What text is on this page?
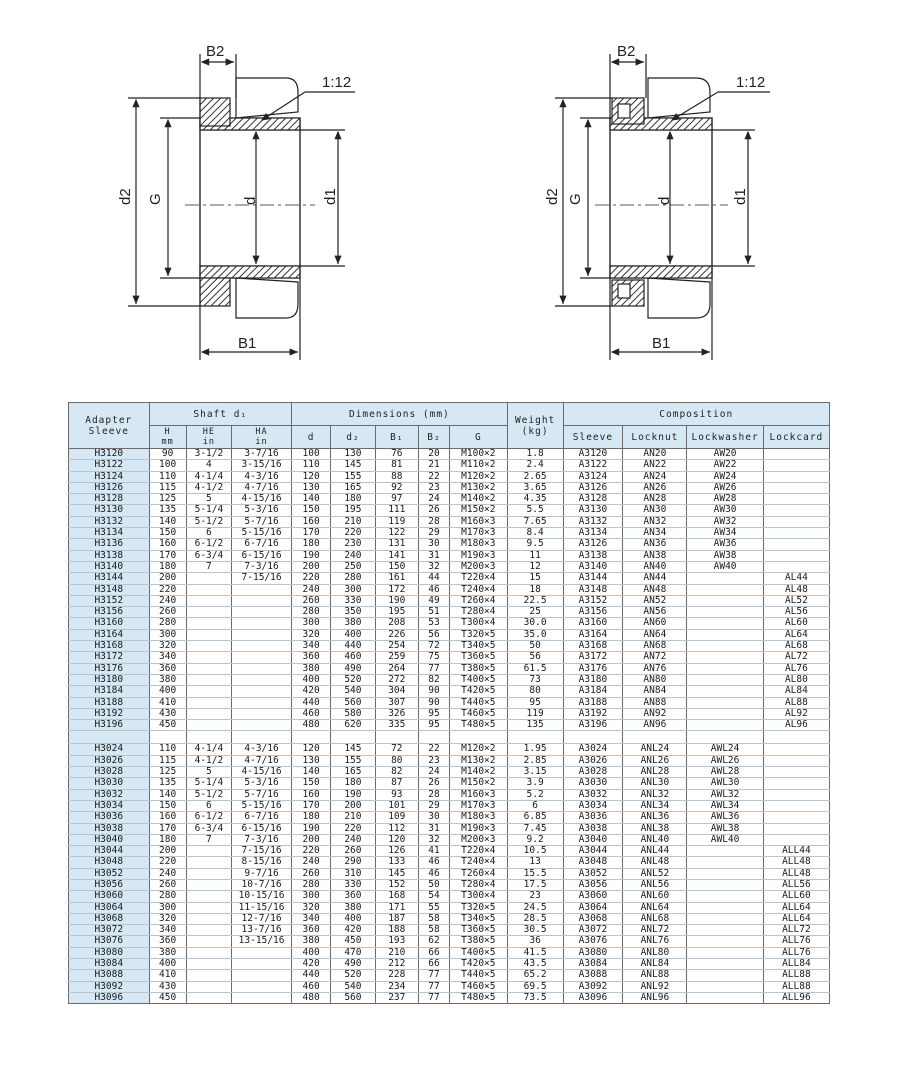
B2
1:12
d2 G	d	d1
B1
B2
1:12
d2 G	d	d1
B1
Adapter Sleeve	Shaft d₁			Dimensions (mm)					Weight
(kg)	Composition			

	H
mm	HE
in	HA
in	d	d₂	B₁	B₂	G		Sleeve	Locknut	Lockwasher	Lockcard
H3120	90	3-1/2	3-7/16	100	130	76	20	M100×2	1.8	A3120	AN20	AW20	
H3122	100	4	3-15/16	110	145	81	21	M110×2	2.4	A3122	AN22	AW22	
H3124	110	4-1/4	4-3/16	120	155	88	22	M120×2	2.65	A3124	AN24	AW24	
H3126	115	4-1/2	4-7/16	130	165	92	23	M130×2	3.65	A3126	AN26	AW26	
H3128	125	5	4-15/16	140	180	97	24	M140×2	4.35	A3128	AN28	AW28	
H3130	135	5-1/4	5-3/16	150	195	111	26	M150×2	5.5	A3130	AN30	AW30	
H3132	140	5-1/2	5-7/16	160	210	119	28	M160×3	7.65	A3132	AN32	AW32	
H3134	150	6	5-15/16	170	220	122	29	M170×3	8.4	A3134	AN34	AW34	
H3136	160	6-1/2	6-7/16	180	230	131	30	M180×3	9.5	A3126	AN36	AW36	
H3138	170	6-3/4	6-15/16	190	240	141	31	M190×3	11	A3138	AN38	AW38	
H3140	180	7	7-3/16	200	250	150	32	M200×3	12	A3140	AN40	AW40	
H3144	200		7-15/16	220	280	161	44	T220×4	15	A3144	AN44		AL44
H3148	220			240	300	172	46	T240×4	18	A3148	AN48		AL48
H3152	240			260	330	190	49	T260×4	22.5	A3152	AN52		AL52
H3156	260			280	350	195	51	T280×4	25	A3156	AN56		AL56
H3160	280			300	380	208	53	T300×4	30.0	A3160	AN60		AL60
H3164	300			320	400	226	56	T320×5	35.0	A3164	AN64		AL64
H3168	320			340	440	254	72	T340×5	50	A3168	AN68		AL68
H3172	340			360	460	259	75	T360×5	56	A3172	AN72		AL72
H3176	360			380	490	264	77	T380×5	61.5	A3176	AN76		AL76
H3180	380			400	520	272	82	T400×5	73	A3180	AN80		AL80
H3184	400			420	540	304	90	T420×5	80	A3184	AN84		AL84
H3188	410			440	560	307	90	T440×5	95	A3188	AN88		AL88
H3192	430			460	580	326	95	T460×5	119	A3192	AN92		AL92
H3196	450			480	620	335	95	T480×5	135	A3196	AN96		AL96

H3024	110	4-1/4	4-3/16	120	145	72	22	M120×2	1.95	A3024	ANL24	AWL24	
H3026	115	4-1/2	4-7/16	130	155	80	23	M130×2	2.85	A3026	ANL26	AWL26	
H3028	125	5	4-15/16	140	165	82	24	M140×2	3.15	A3028	ANL28	AWL28	
H3030	135	5-1/4	5-3/16	150	180	87	26	M150×2	3.9	A3030	ANL30	AWL30	
H3032	140	5-1/2	5-7/16	160	190	93	28	M160×3	5.2	A3032	ANL32	AWL32	
H3034	150	6	5-15/16	170	200	101	29	M170×3	6	A3034	ANL34	AWL34	
H3036	160	6-1/2	6-7/16	180	210	109	30	M180×3	6.85	A3036	ANL36	AWL36	
H3038	170	6-3/4	6-15/16	190	220	112	31	M190×3	7.45	A3038	ANL38	AWL38	
H3040	180	7	7-3/16	200	240	120	32	M200×3	9.2	A3040	ANL40	AWL40	
H3044	200		7-15/16	220	260	126	41	T220×4	10.5	A3044	ANL44		ALL44
H3048	220		8-15/16	240	290	133	46	T240×4	13	A3048	ANL48		ALL48
H3052	240		9-7/16	260	310	145	46	T260×4	15.5	A3052	ANL52		ALL48
H3056	260		10-7/16	280	330	152	50	T280×4	17.5	A3056	ANL56		ALL56
H3060	280		10-15/16	300	360	168	54	T300×4	23	A3060	ANL60		ALL60
H3064	300		11-15/16	320	380	171	55	T320×5	24.5	A3064	ANL64		ALL64
H3068	320		12-7/16	340	400	187	58	T340×5	28.5	A3068	ANL68		ALL64
H3072	340		13-7/16	360	420	188	58	T360×5	30.5	A3072	ANL72		ALL72
H3076	360		13-15/16	380	450	193	62	T380×5	36	A3076	ANL76		ALL76
H3080	380			400	470	210	66	T400×5	41.5	A3080	ANL80		ALL76
H3084	400			420	490	212	66	T420×5	43.5	A3084	ANL84		ALL84
H3088	410			440	520	228	77	T440×5	65.2	A3088	ANL88		ALL88
H3092	430			460	540	234	77	T460×5	69.5	A3092	ANL92		ALL88
H3096	450			480	560	237	77	T480×5	73.5	A3096	ANL96		ALL96
